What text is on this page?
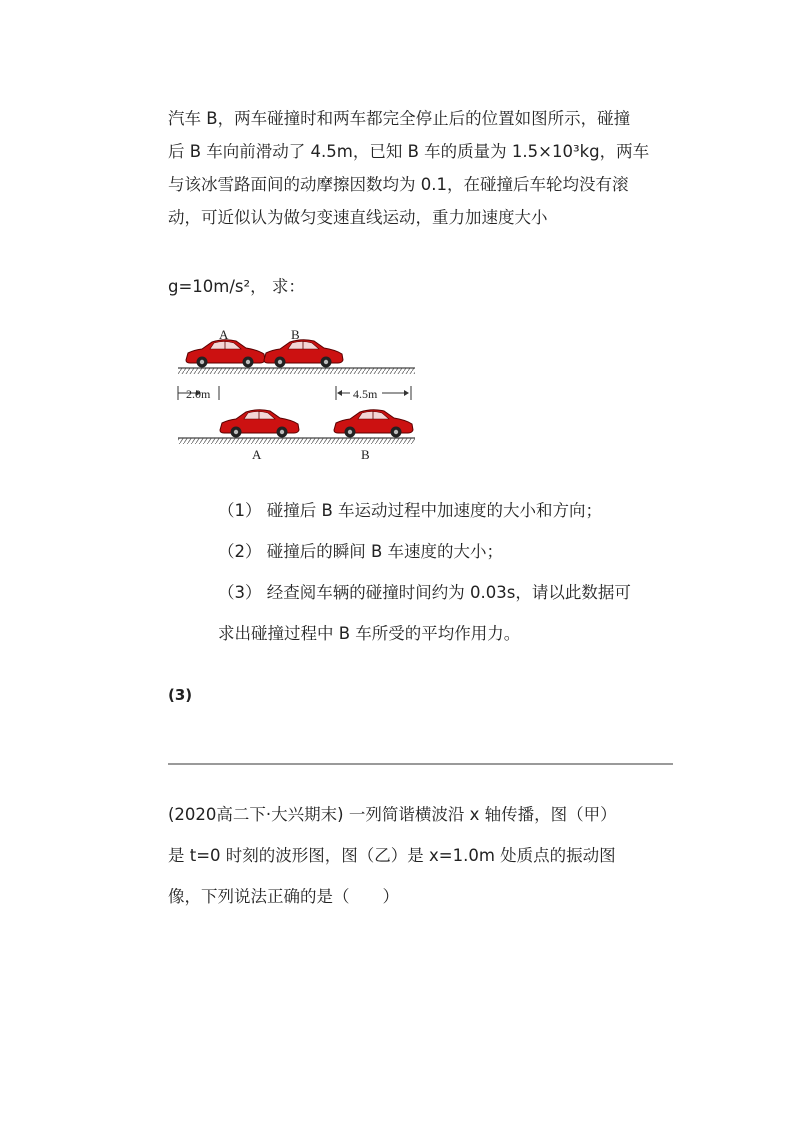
汽车 B，两车碰撞时和两车都完全停止后的位置如图所示，碰撞
后 B 车向前滑动了 4.5m，已知 B 车的质量为 1.5×10³kg，两车
与该冰雪路面间的动摩擦因数均为 0.1，在碰撞后车轮均没有滚
动，可近似认为做匀变速直线运动，重力加速度大小
g=10m/s²， 求：
A	B
2.0m	4.5m
A	B
（1） 碰撞后 B 车运动过程中加速度的大小和方向；
（2） 碰撞后的瞬间 B 车速度的大小；
（3） 经查阅车辆的碰撞时间约为 0.03s，请以此数据可
求出碰撞过程中 B 车所受的平均作用力。
(3)
(2020高二下·大兴期末) 一列简谐横波沿 x 轴传播，图（甲）
是 t=0 时刻的波形图，图（乙）是 x=1.0m 处质点的振动图
像，下列说法正确的是（　　）
